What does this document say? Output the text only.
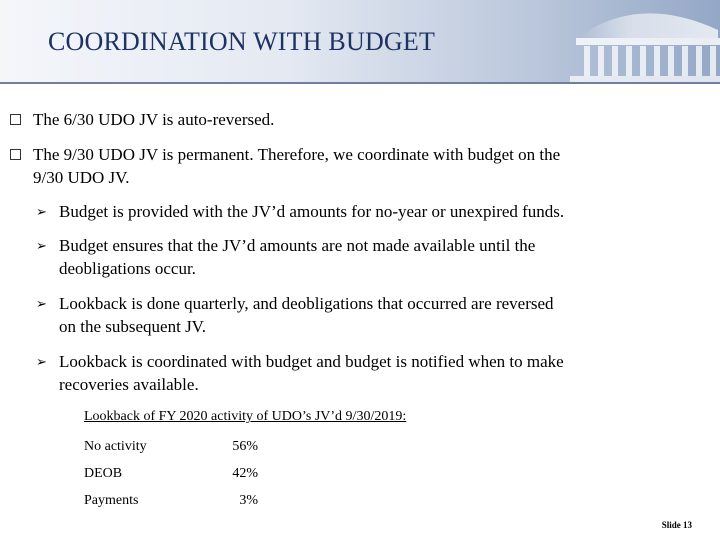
COORDINATION WITH BUDGET
The 6/30 UDO JV is auto-reversed.
The 9/30 UDO JV is permanent. Therefore, we coordinate with budget on the
9/30 UDO JV.
➢ Budget is provided with the JV’d amounts for no-year or unexpired funds.
➢ Budget ensures that the JV’d amounts are not made available until the
deobligations occur.
➢ Lookback is done quarterly, and deobligations that occurred are reversed
on the subsequent JV.
➢ Lookback is coordinated with budget and budget is notified when to make
recoveries available.
Lookback of FY 2020 activity of UDO’s JV’d 9/30/2019:
No activity	56%
DEOB	42%
Payments	3%
Slide 13
